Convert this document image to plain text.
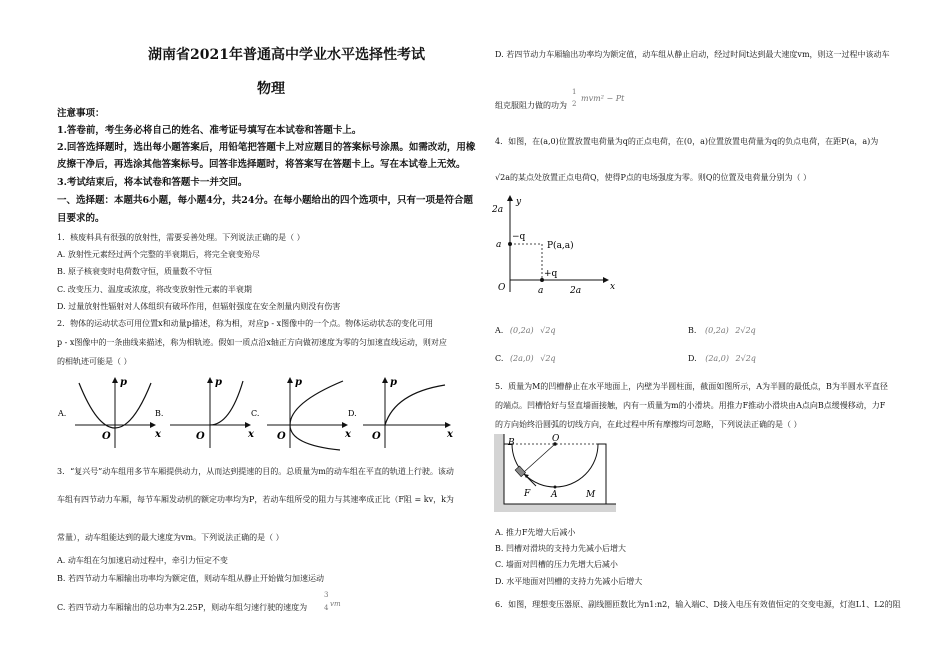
湖南省2021年普通高中学业水平选择性考试
物理
注意事项：
1.答卷前，考生务必将自己的姓名、准考证号填写在本试卷和答题卡上。
2.回答选择题时，选出每小题答案后，用铅笔把答题卡上对应题目的答案标号涂黑。如需改动，用橡
皮擦干净后，再选涂其他答案标号。回答非选择题时，将答案写在答题卡上。写在本试卷上无效。
3.考试结束后，将本试卷和答题卡一并交回。
一、选择题：本题共6小题，每小题4分，共24分。在每小题给出的四个选项中，只有一项是符合题
目要求的。
1．核废料具有很强的放射性，需要妥善处理。下列说法正确的是（ ）
A. 放射性元素经过两个完整的半衰期后，将完全衰变殆尽
B. 原子核衰变时电荷数守恒，质量数不守恒
C. 改变压力、温度或浓度，将改变放射性元素的半衰期
D. 过量放射性辐射对人体组织有破坏作用，但辐射强度在安全剂量内则没有伤害
2．物体的运动状态可用位置x和动量p描述，称为相，对应p - x图像中的一个点。物体运动状态的变化可用
p - x图像中的一条曲线来描述，称为相轨迹。假如一质点沿x轴正方向做初速度为零的匀加速直线运动，则对应
的相轨迹可能是（ ）
A.
p
x
O
B.
p
x
O
C.
p
x
O
D.
p
x
O
3．“复兴号”动车组用多节车厢提供动力，从而达到提速的目的。总质量为m的动车组在平直的轨道上行驶。该动
车组有四节动力车厢，每节车厢发动机的额定功率均为P，若动车组所受的阻力与其速率成正比（F阻 = kv，k为
常量），动车组能达到的最大速度为vm。下列说法正确的是（ ）
A. 动车组在匀加速启动过程中，牵引力恒定不变
B. 若四节动力车厢输出功率均为额定值，则动车组从静止开始做匀加速运动
C. 若四节动力车厢输出的总功率为2.25P，则动车组匀速行驶的速度为
3
4 vm
D. 若四节动力车厢输出功率均为额定值，动车组从静止启动，经过时间t达到最大速度vm，则这一过程中该动车
组克服阻力做的功为
1
2
mvm² − Pt
4．如图，在(a,0)位置放置电荷量为q的正点电荷，在(0，a)位置放置电荷量为q的负点电荷，在距P(a，a)为
√2a的某点处放置正点电荷Q，使得P点的电场强度为零。则Q的位置及电荷量分别为（ ）
y
x
O
a
2a
a	2a
−q
+q
P(a,a)
A. (0,2a) √2q	B. (0,2a) 2√2q
C. (2a,0) √2q	D. (2a,0) 2√2q
5．质量为M的凹槽静止在水平地面上，内壁为半圆柱面，截面如图所示，A为半圆的最低点，B为半圆水平直径
的端点。凹槽恰好与竖直墙面接触，内有一质量为m的小滑块。用推力F推动小滑块由A点向B点缓慢移动，力F
的方向始终沿圆弧的切线方向，在此过程中所有摩擦均可忽略，下列说法正确的是（ ）
B	O
A
F	M
A. 推力F先增大后减小
B. 凹槽对滑块的支持力先减小后增大
C. 墙面对凹槽的压力先增大后减小
D. 水平地面对凹槽的支持力先减小后增大
6．如图，理想变压器原、副线圈匝数比为n1:n2，输入端C、D接入电压有效值恒定的交变电源，灯泡L1、L2的阻
